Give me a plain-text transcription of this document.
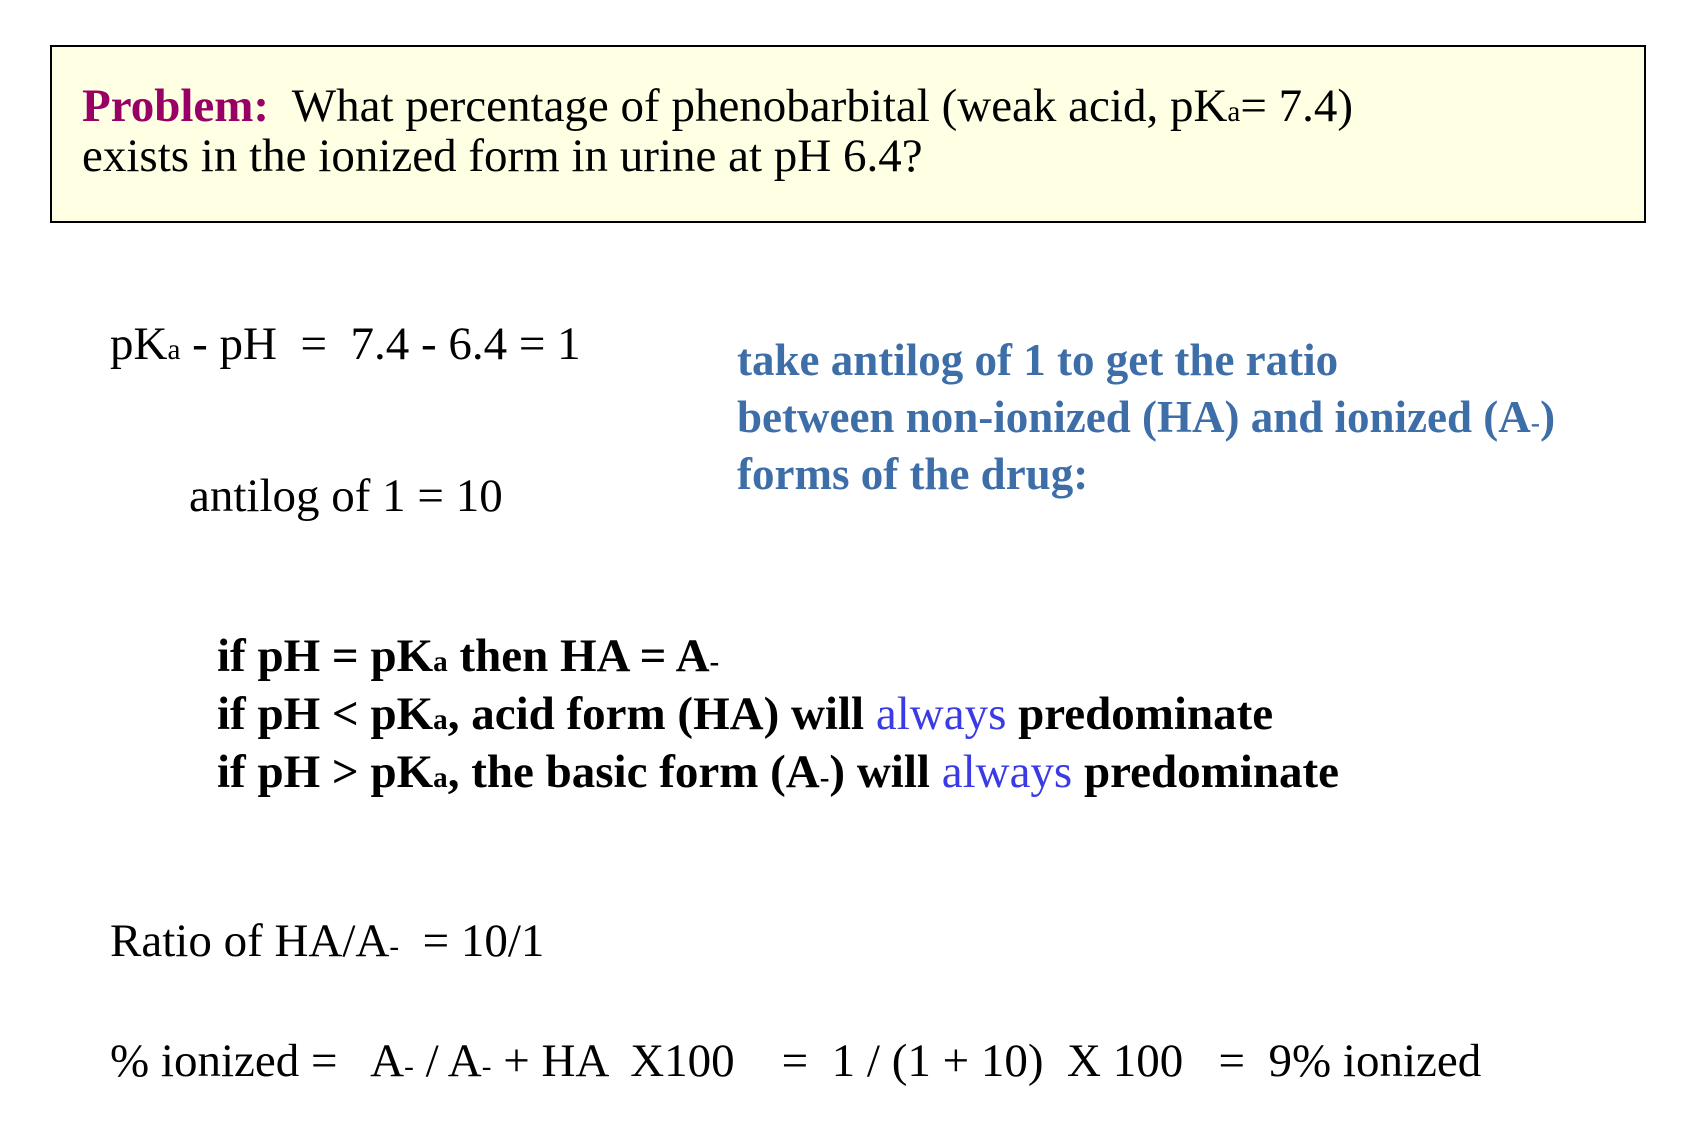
Problem: What percentage of phenobarbital (weak acid, pKa= 7.4)
exists in the ionized form in urine at pH 6.4?
pKa - pH  =  7.4 - 6.4 = 1
antilog of 1 = 10
take antilog of 1 to get the ratio
between non-ionized (HA) and ionized (A-)
forms of the drug:
if pH = pKa then HA = A-
if pH < pKa, acid form (HA) will always predominate
if pH > pKa, the basic form (A-) will always predominate
Ratio of HA/A-  = 10/1
% ionized =   A- / A- + HA  X100    =  1 / (1 + 10)  X 100   =  9% ionized
